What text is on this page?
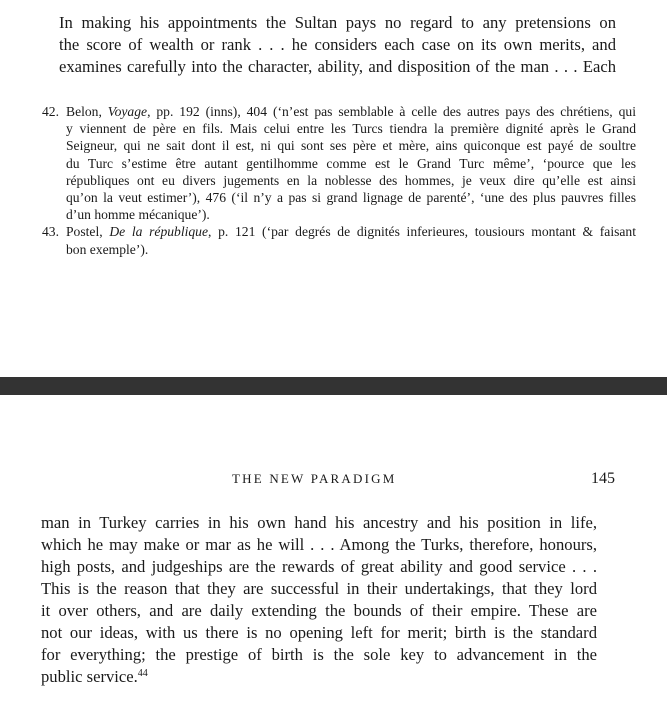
In making his appointments the Sultan pays no regard to any pretensions on
the score of wealth or rank . . . he considers each case on its own merits, and
examines carefully into the character, ability, and disposition of the man . . . Each
42. Belon, Voyage, pp. 192 (inns), 404 (‘n’est pas semblable à celle des autres pays des chrétiens, qui
y viennent de père en fils. Mais celui entre les Turcs tiendra la première dignité après le Grand
Seigneur, qui ne sait dont il est, ni qui sont ses père et mère, ains quiconque est payé de soultre
du Turc s’estime être autant gentilhomme comme est le Grand Turc même’, ‘pource que les
républiques ont eu divers jugements en la noblesse des hommes, je veux dire qu’elle est ainsi
qu’on la veut estimer’), 476 (‘il n’y a pas si grand lignage de parenté’, ‘une des plus pauvres filles
d’un homme mécanique’).
43. Postel, De la république, p. 121 (‘par degrés de dignités inferieures, tousiours montant & faisant
bon exemple’).
THE NEW PARADIGM	145
man in Turkey carries in his own hand his ancestry and his position in life,
which he may make or mar as he will . . . Among the Turks, therefore, honours,
high posts, and judgeships are the rewards of great ability and good service . . .
This is the reason that they are successful in their undertakings, that they lord
it over others, and are daily extending the bounds of their empire. These are
not our ideas, with us there is no opening left for merit; birth is the standard
for everything; the prestige of birth is the sole key to advancement in the
public service.$^{44}$
